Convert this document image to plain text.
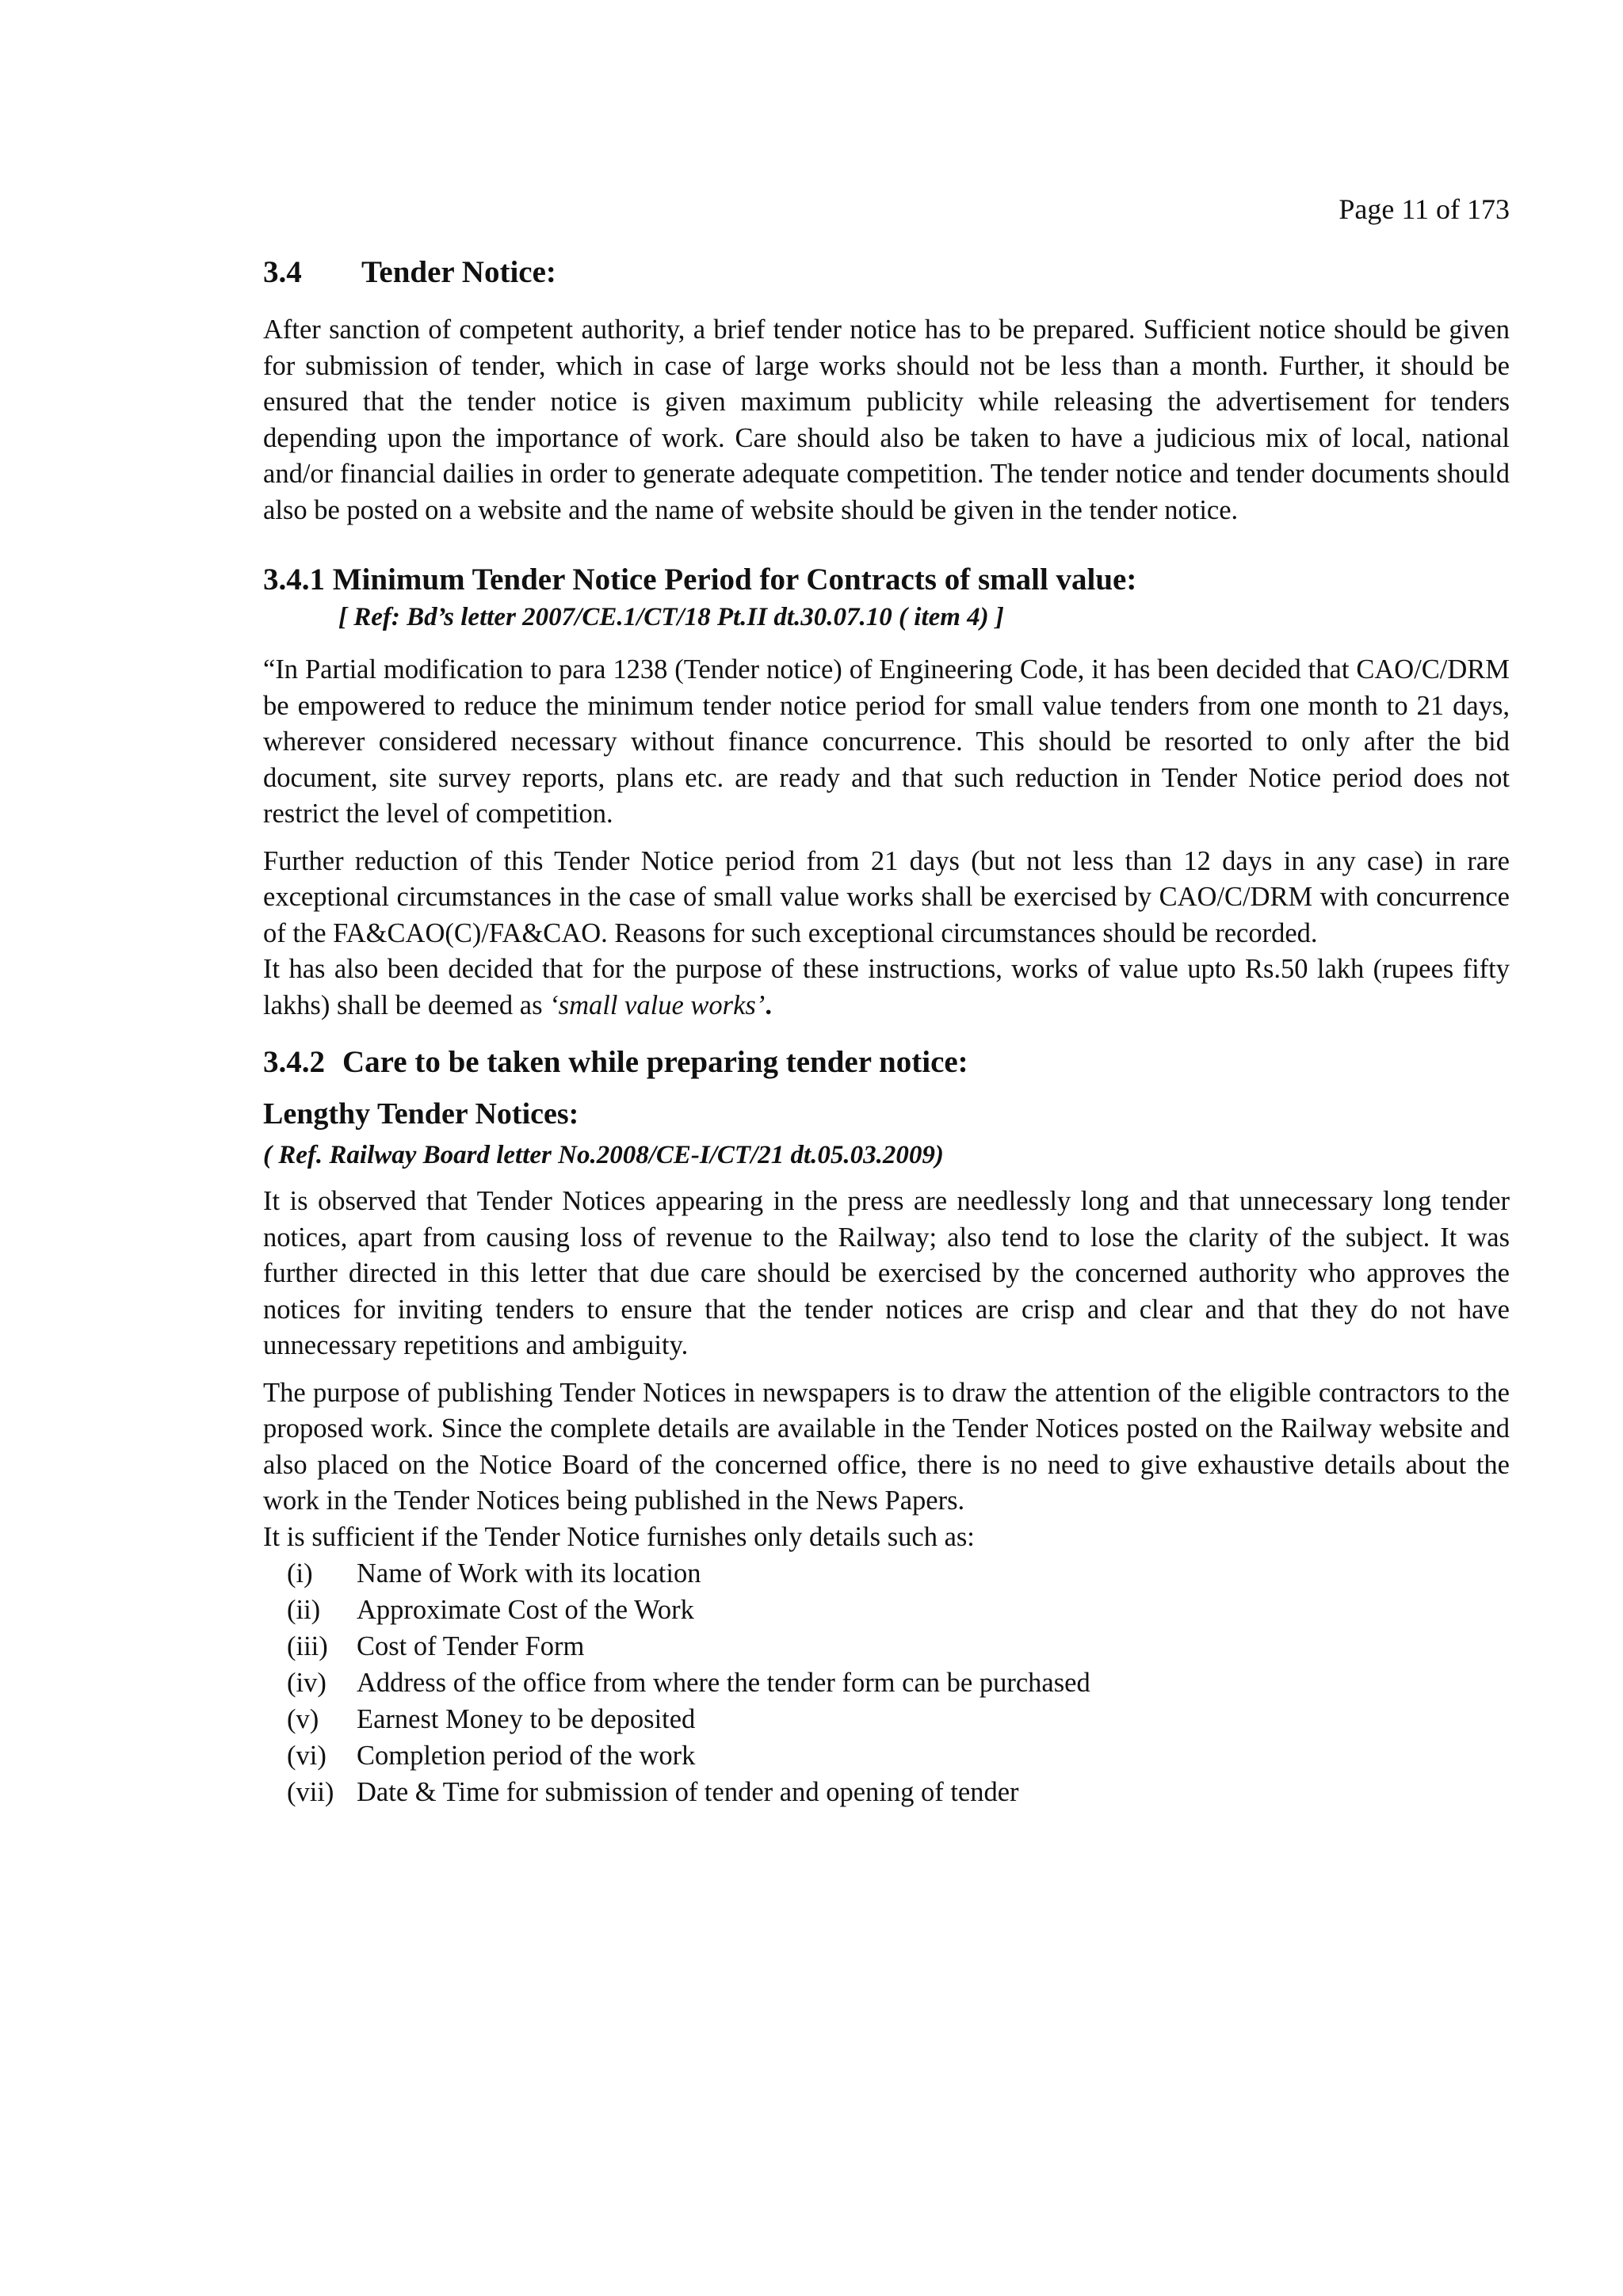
Page 11 of 173
3.4	Tender Notice:

After sanction of competent authority, a brief tender notice has to be prepared. Sufficient notice should be given for submission of tender, which in case of large works should not be less than a month. Further, it should be ensured that the tender notice is given maximum publicity while releasing the advertisement for tenders depending upon the importance of work. Care should also be taken to have a judicious mix of local, national and/or financial dailies in order to generate adequate competition. The tender notice and tender documents should also be posted on a website and the name of website should be given in the tender notice.

3.4.1 Minimum Tender Notice Period for Contracts of small value:
[ Ref: Bd’s letter 2007/CE.1/CT/18 Pt.II dt.30.07.10 ( item 4) ]

“In Partial modification to para 1238 (Tender notice) of Engineering Code, it has been decided that CAO/C/DRM be empowered to reduce the minimum tender notice period for small value tenders from one month to 21 days, wherever considered necessary without finance concurrence. This should be resorted to only after the bid document, site survey reports, plans etc. are ready and that such reduction in Tender Notice period does not restrict the level of competition.

Further reduction of this Tender Notice period from 21 days (but not less than 12 days in any case) in rare exceptional circumstances in the case of small value works shall be exercised by CAO/C/DRM with concurrence of the FA&CAO(C)/FA&CAO. Reasons for such exceptional circumstances should be recorded.

It has also been decided that for the purpose of these instructions, works of value upto Rs.50 lakh (rupees fifty lakhs) shall be deemed as ‘small value works’.

3.4.2 Care to be taken while preparing tender notice:
Lengthy Tender Notices:
( Ref. Railway Board letter No.2008/CE-I/CT/21 dt.05.03.2009)

It is observed that Tender Notices appearing in the press are needlessly long and that unnecessary long tender notices, apart from causing loss of revenue to the Railway; also tend to lose the clarity of the subject. It was further directed in this letter that due care should be exercised by the concerned authority who approves the notices for inviting tenders to ensure that the tender notices are crisp and clear and that they do not have unnecessary repetitions and ambiguity.

The purpose of publishing Tender Notices in newspapers is to draw the attention of the eligible contractors to the proposed work. Since the complete details are available in the Tender Notices posted on the Railway website and also placed on the Notice Board of the concerned office, there is no need to give exhaustive details about the work in the Tender Notices being published in the News Papers.

It is sufficient if the Tender Notice furnishes only details such as:

(i)	Name of Work with its location
(ii)	Approximate Cost of the Work
(iii)	Cost of Tender Form
(iv)	Address of the office from where the tender form can be purchased
(v)	Earnest Money to be deposited
(vi)	Completion period of the work
(vii) Date & Time for submission of tender and opening of tender
